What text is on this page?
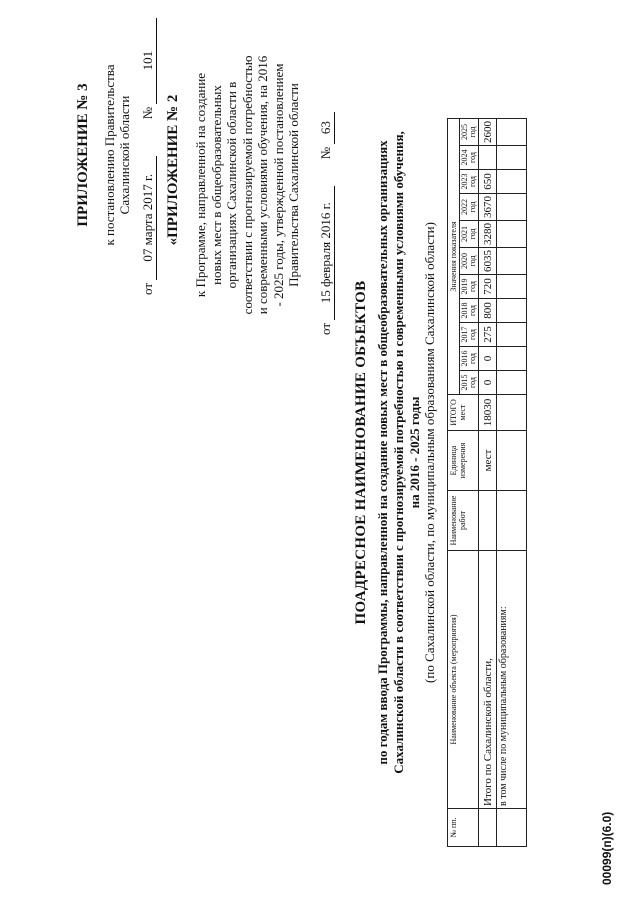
ПРИЛОЖЕНИЕ № 3 к постановлению Правительства Сахалинской области
от 07 марта 2017 г.  № 101
«ПРИЛОЖЕНИЕ № 2 к Программе, направленной на создание новых мест в общеобразовательных организациях Сахалинской области в соответствии с прогнозируемой потребностью и современными условиями обучения, на 2016 - 2025 годы, утвержденной постановлением Правительства Сахалинской области
от 15 февраля 2016 г.  № 63
ПОАДРЕСНОЕ НАИМЕНОВАНИЕ ОБЪЕКТОВ по годам ввода Программы, направленной на создание новых мест в общеобразовательных организациях Сахалинской области в соответствии с прогнозируемой потребностью и современными условиями обучения, на 2016 - 2025 годы (по Сахалинской области, по муниципальным образованиям Сахалинской области)
№ пп.	Наименование объекта (мероприятия)	Наименование работ	Единица измерения	ИТОГО мест	Значения показателя										
					2015 год	2016 год	2017 год	2018 год	2019 год	2020 год	2021 год	2022 год	2023 год	2024 год	2025 год
	Итого по Сахалинской области,		мест	18030	0	0	275	800	720	6035	3280	3670	650		2600
	в том числе по муниципальным образованиям:														
00099(п)(6.0)
